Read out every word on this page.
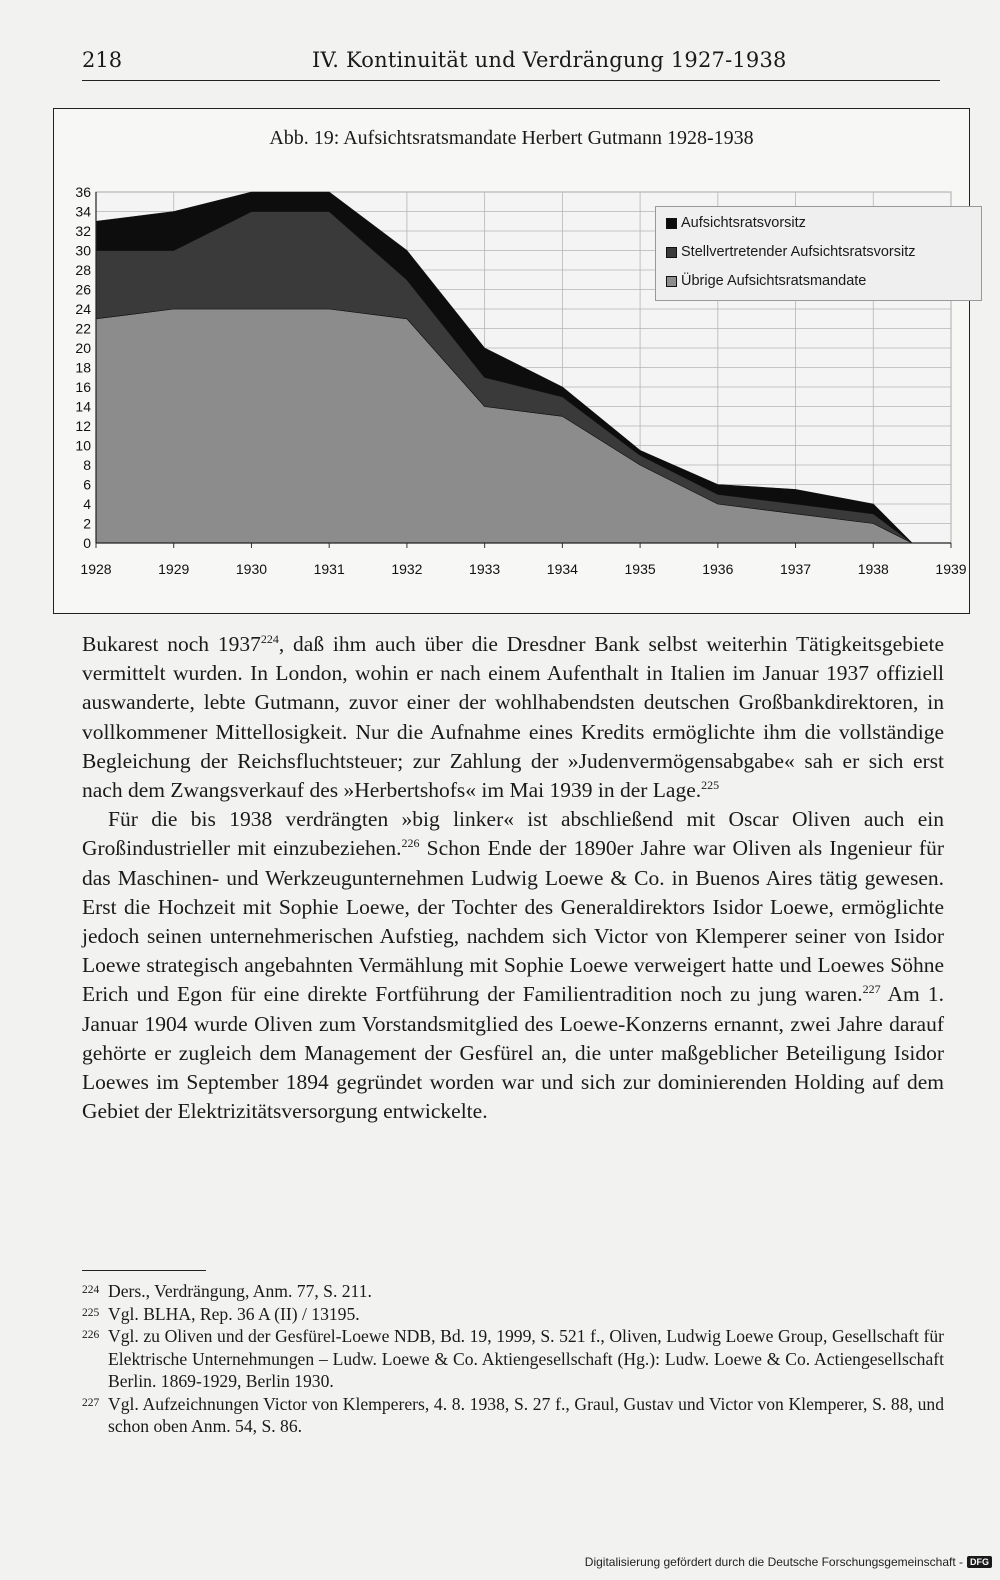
218	IV. Kontinuität und Verdrängung 1927-1938
Abb. 19: Aufsichtsratsmandate Herbert Gutmann 1928-1938
0
2
4
6
8
10
12
14
16
18
20
22
24
26
28
30
32
34
36
1928	1929	1930	1931	1932	1933	1934	1935	1936	1937	1938	1939
Aufsichtsratsvorsitz
Stellvertretender Aufsichtsratsvorsitz
Übrige Aufsichtsratsmandate

Bukarest noch 1937$^{224}$, daß ihm auch über die Dresdner Bank selbst weiterhin Tätigkeitsgebiete vermittelt wurden. In London, wohin er nach einem Aufenthalt in Italien im Januar 1937 offiziell auswanderte, lebte Gutmann, zuvor einer der wohlhabendsten deutschen Großbankdirektoren, in vollkommener Mittellosigkeit. Nur die Aufnahme eines Kredits ermöglichte ihm die vollständige Begleichung der Reichsfluchtsteuer; zur Zahlung der »Judenvermögensabgabe« sah er sich erst nach dem Zwangsverkauf des »Herbertshofs« im Mai 1939 in der Lage.$^{225}$

Für die bis 1938 verdrängten »big linker« ist abschließend mit Oscar Oliven auch ein Großindustrieller mit einzubeziehen.$^{226}$ Schon Ende der 1890er Jahre war Oliven als Ingenieur für das Maschinen- und Werkzeugunternehmen Ludwig Loewe & Co. in Buenos Aires tätig gewesen. Erst die Hochzeit mit Sophie Loewe, der Tochter des Generaldirektors Isidor Loewe, ermöglichte jedoch seinen unternehmerischen Aufstieg, nachdem sich Victor von Klemperer seiner von Isidor Loewe strategisch angebahnten Vermählung mit Sophie Loewe verweigert hatte und Loewes Söhne Erich und Egon für eine direkte Fortführung der Familientradition noch zu jung waren.$^{227}$ Am 1. Januar 1904 wurde Oliven zum Vorstandsmitglied des Loewe-Konzerns ernannt, zwei Jahre darauf gehörte er zugleich dem Management der Gesfürel an, die unter maßgeblicher Beteiligung Isidor Loewes im September 1894 gegründet worden war und sich zur dominierenden Holding auf dem Gebiet der Elektrizitätsversorgung entwickelte.

224 Ders., Verdrängung, Anm. 77, S. 211.
225 Vgl. BLHA, Rep. 36 A (II) / 13195.
226 Vgl. zu Oliven und der Gesfürel-Loewe NDB, Bd. 19, 1999, S. 521 f., Oliven, Ludwig Loewe Group, Gesellschaft für Elektrische Unternehmungen – Ludw. Loewe & Co. Aktiengesellschaft (Hg.): Ludw. Loewe & Co. Actiengesellschaft Berlin. 1869-1929, Berlin 1930.
227 Vgl. Aufzeichnungen Victor von Klemperers, 4. 8. 1938, S. 27 f., Graul, Gustav und Victor von Klemperer, S. 88, und schon oben Anm. 54, S. 86.
Digitalisierung gefördert durch die Deutsche Forschungsgemeinschaft - DFG
